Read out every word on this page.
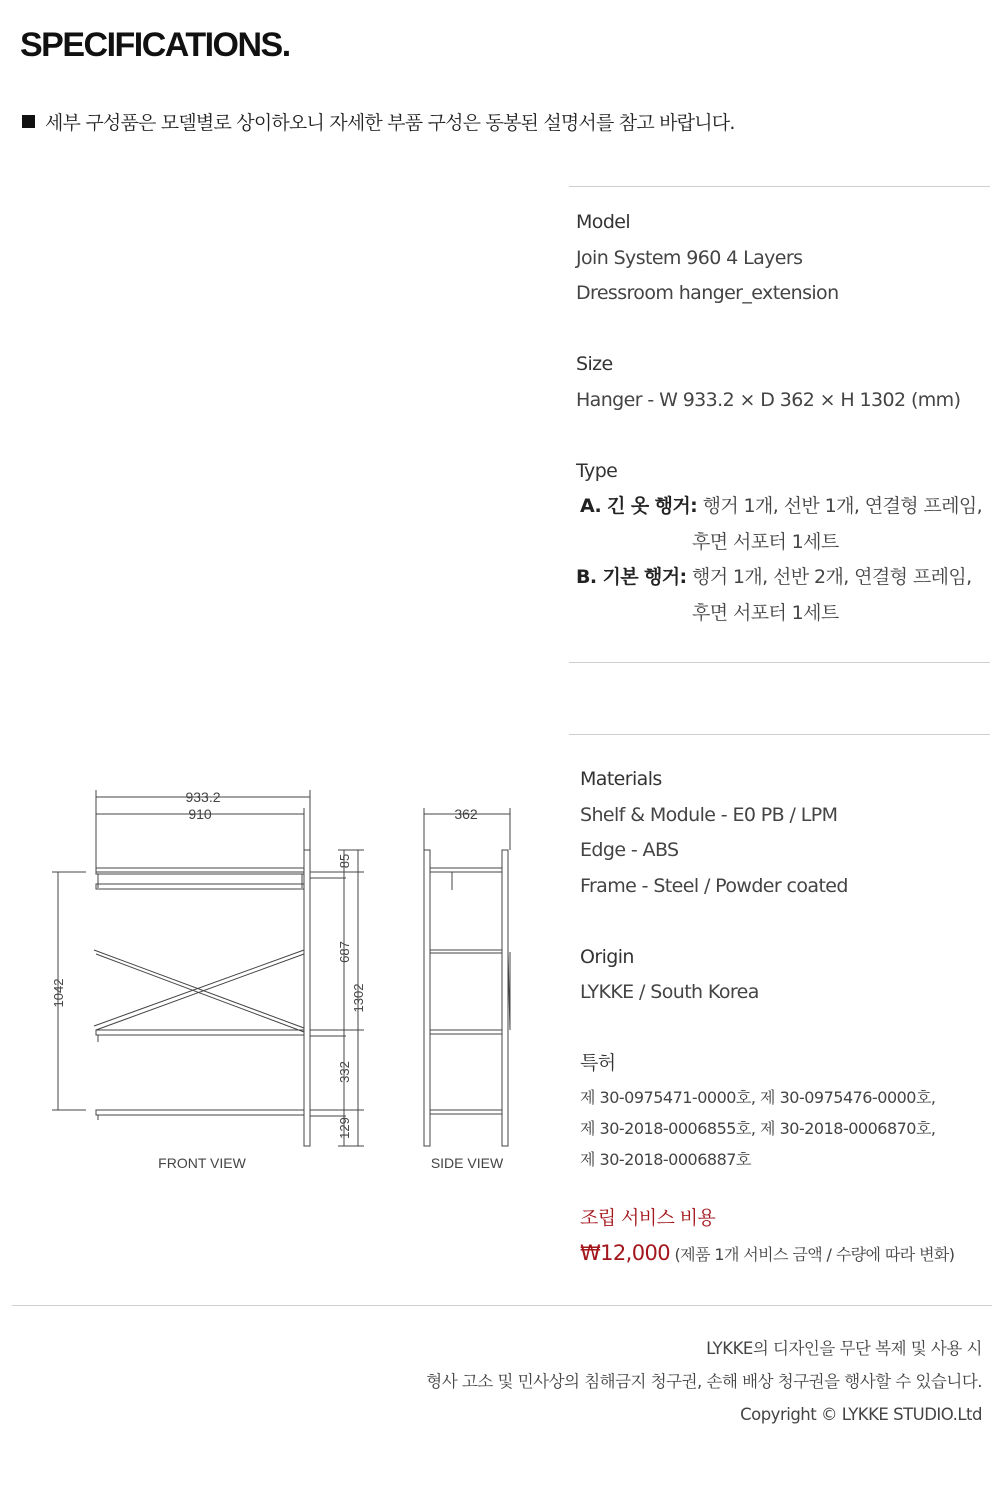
SPECIFICATIONS.
세부 구성품은 모델별로 상이하오니 자세한 부품 구성은 동봉된 설명서를 참고 바랍니다.
Model
Join System 960 4 Layers
Dressroom hanger_extension
Size
Hanger - W 933.2 × D 362 × H 1302 (mm)
Type
A. 긴 옷 행거: 행거 1개, 선반 1개, 연결형 프레임,
후면 서포터 1세트
B. 기본 행거: 행거 1개, 선반 2개, 연결형 프레임,
후면 서포터 1세트
Materials
Shelf & Module - E0 PB / LPM
Edge - ABS
Frame - Steel / Powder coated
Origin
LYKKE / South Korea
특허
제 30-0975471-0000호, 제 30-0975476-0000호,
제 30-2018-0006855호, 제 30-2018-0006870호,
제 30-2018-0006887호
조립 서비스 비용
₩12,000 (제품 1개 서비스 금액 / 수량에 따라 변화)
933.2
910	362
1042
85
687
1302
332
129
FRONT VIEW	SIDE VIEW
LYKKE의 디자인을 무단 복제 및 사용 시
형사 고소 및 민사상의 침해금지 청구권, 손해 배상 청구권을 행사할 수 있습니다.
Copyright © LYKKE STUDIO.Ltd
